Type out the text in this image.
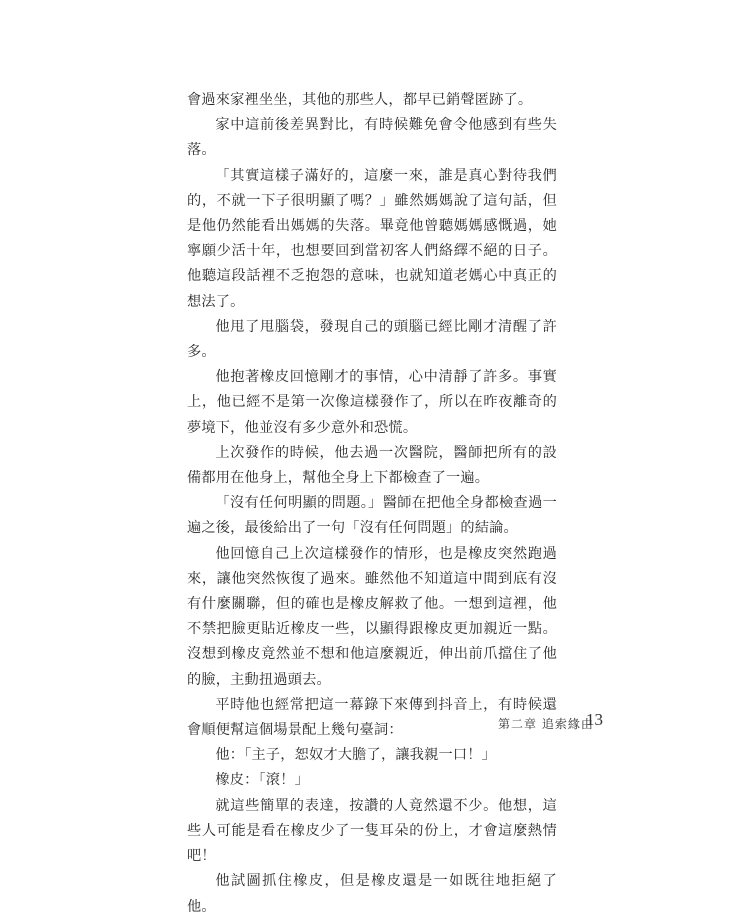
會過來家裡坐坐，其他的那些人，都早已銷聲匿跡了。

家中這前後差異對比，有時候難免會令他感到有些失落。

「其實這樣子滿好的，這麼一來，誰是真心對待我們的，不就一下子很明顯了嗎？」雖然媽媽說了這句話，但是他仍然能看出媽媽的失落。畢竟他曾聽媽媽感慨過，她寧願少活十年，也想要回到當初客人們絡繹不絕的日子。他聽這段話裡不乏抱怨的意味，也就知道老媽心中真正的想法了。

他甩了甩腦袋，發現自己的頭腦已經比剛才清醒了許多。

他抱著橡皮回憶剛才的事情，心中清靜了許多。事實上，他已經不是第一次像這樣發作了，所以在昨夜離奇的夢境下，他並沒有多少意外和恐慌。

上次發作的時候，他去過一次醫院，醫師把所有的設備都用在他身上，幫他全身上下都檢查了一遍。

「沒有任何明顯的問題。」醫師在把他全身都檢查過一遍之後，最後給出了一句「沒有任何問題」的結論。

他回憶自己上次這樣發作的情形，也是橡皮突然跑過來，讓他突然恢復了過來。雖然他不知道這中間到底有沒有什麼關聯，但的確也是橡皮解救了他。一想到這裡，他不禁把臉更貼近橡皮一些，以顯得跟橡皮更加親近一點。沒想到橡皮竟然並不想和他這麼親近，伸出前爪擋住了他的臉，主動扭過頭去。

平時他也經常把這一幕錄下來傳到抖音上，有時候還會順便幫這個場景配上幾句臺詞：

他：「主子，恕奴才大膽了，讓我親一口！」

橡皮：「滾！」

就這些簡單的表達，按讚的人竟然還不少。他想，這些人可能是看在橡皮少了一隻耳朵的份上，才會這麼熱情吧！

他試圖抓住橡皮，但是橡皮還是一如既往地拒絕了他。

第二章 追索緣由
13
